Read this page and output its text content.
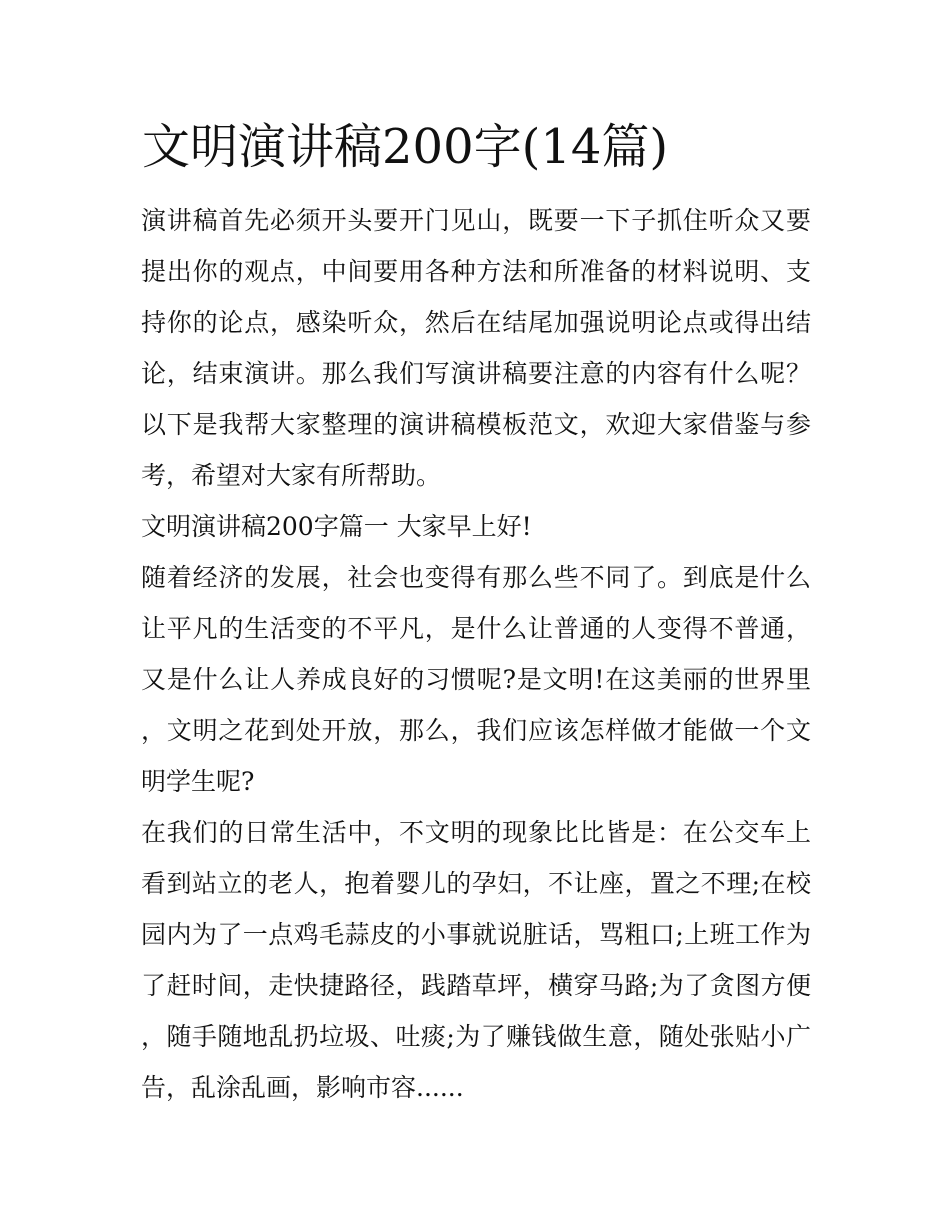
文明演讲稿200字(14篇)

演讲稿首先必须开头要开门见山，既要一下子抓住听众又要提出你的观点，中间要用各种方法和所准备的材料说明、支持你的论点，感染听众，然后在结尾加强说明论点或得出结论，结束演讲。那么我们写演讲稿要注意的内容有什么呢？以下是我帮大家整理的演讲稿模板范文，欢迎大家借鉴与参考，希望对大家有所帮助。

文明演讲稿200字篇一 大家早上好!

随着经济的发展，社会也变得有那么些不同了。到底是什么让平凡的生活变的不平凡，是什么让普通的人变得不普通，又是什么让人养成良好的习惯呢?是文明!在这美丽的世界里，文明之花到处开放，那么，我们应该怎样做才能做一个文明学生呢?

在我们的日常生活中，不文明的现象比比皆是：在公交车上看到站立的老人，抱着婴儿的孕妇，不让座，置之不理;在校园内为了一点鸡毛蒜皮的小事就说脏话，骂粗口;上班工作为了赶时间，走快捷路径，践踏草坪，横穿马路;为了贪图方便，随手随地乱扔垃圾、吐痰;为了赚钱做生意，随处张贴小广告，乱涂乱画，影响市容......
